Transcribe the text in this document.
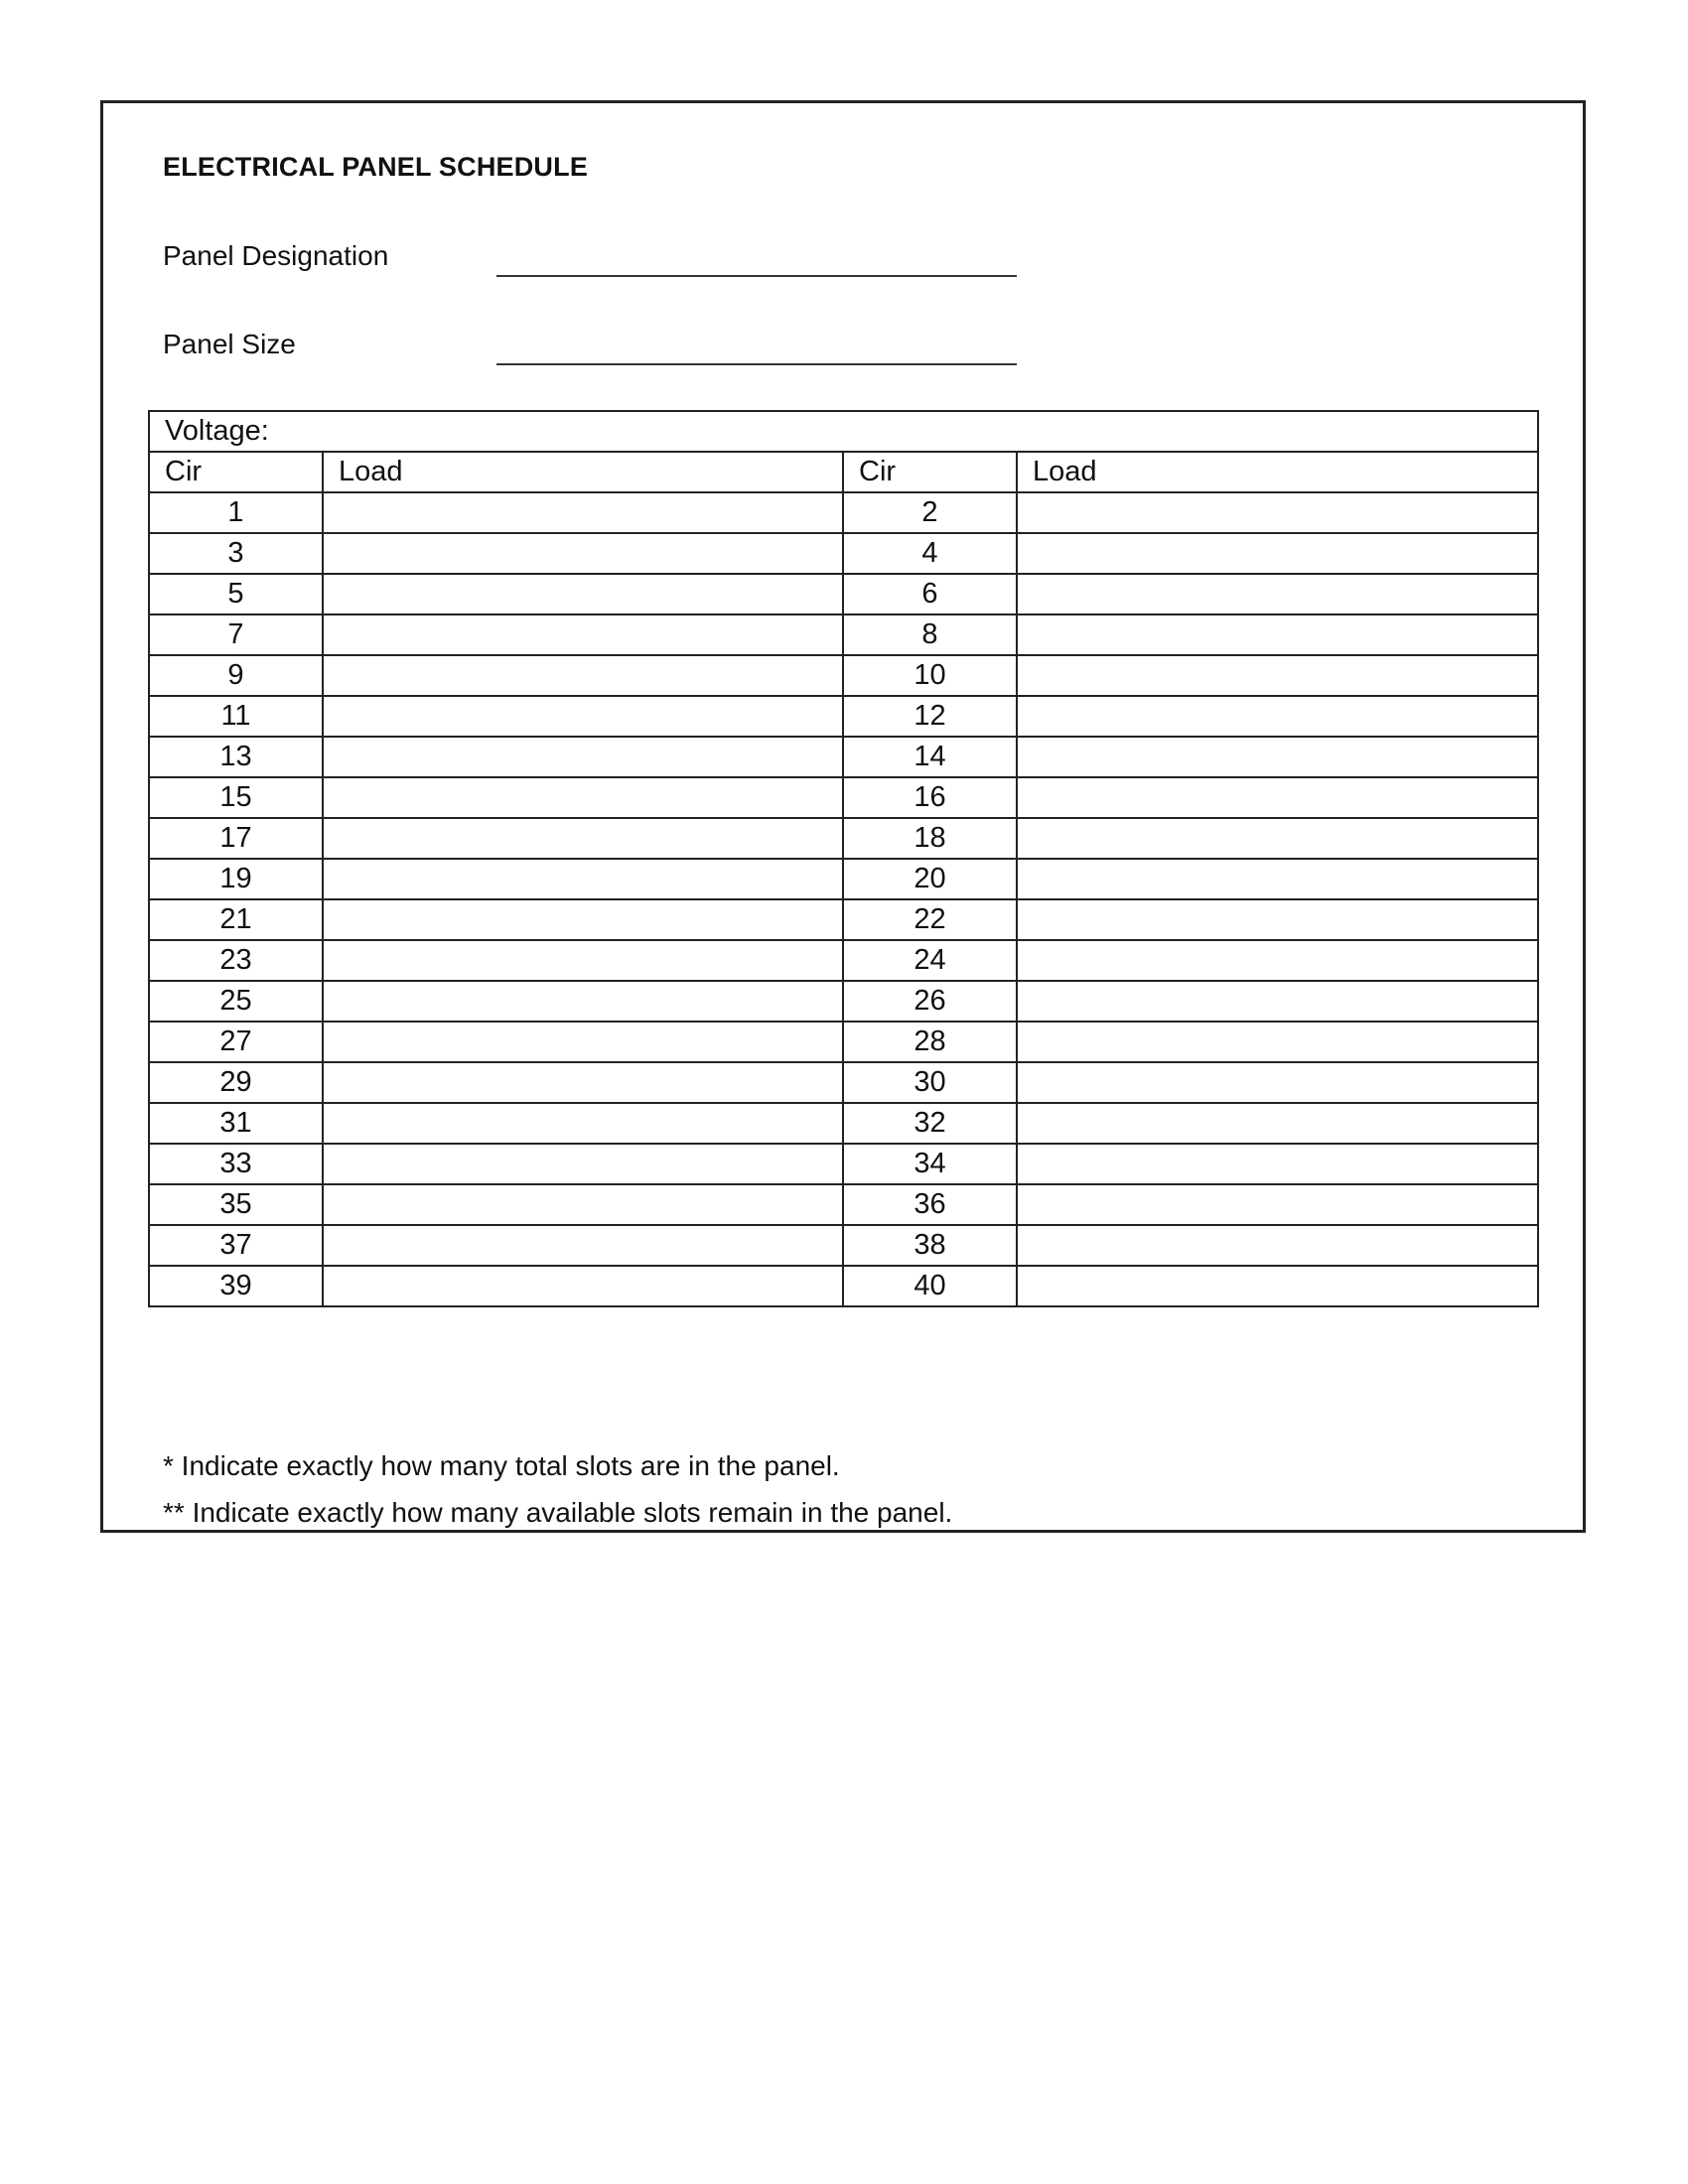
ELECTRICAL PANEL SCHEDULE
Panel Designation
Panel Size
Voltage:			
Cir	Load	Cir	Load
1		2	
3		4	
5		6	
7		8	
9		10	
11		12	
13		14	
15		16	
17		18	
19		20	
21		22	
23		24	
25		26	
27		28	
29		30	
31		32	
33		34	
35		36	
37		38	
39		40	
* Indicate exactly how many total slots are in the panel.
** Indicate exactly how many available slots remain in the panel.
